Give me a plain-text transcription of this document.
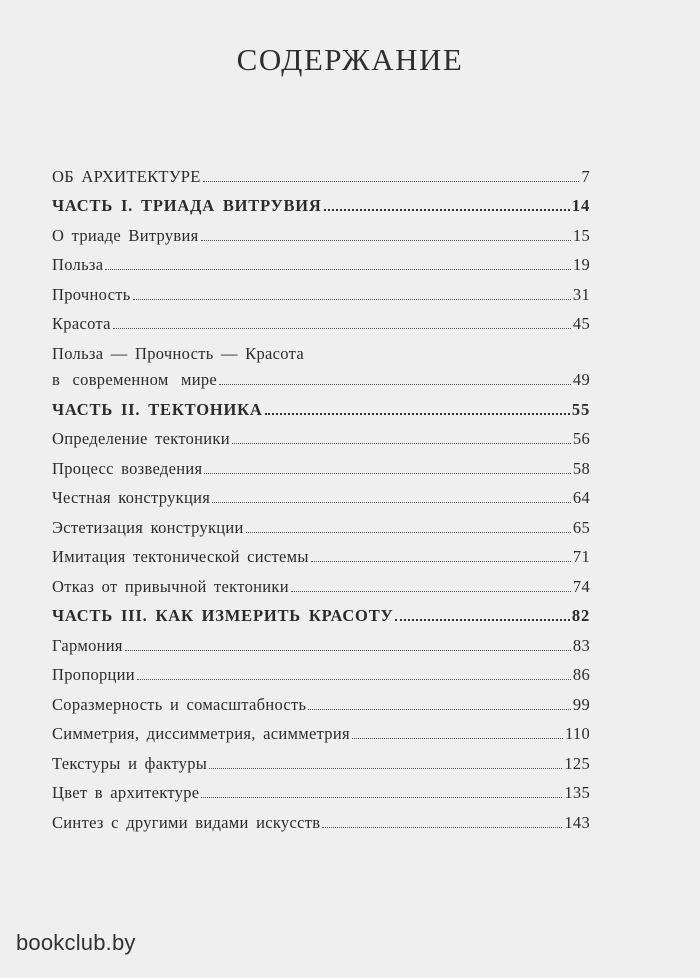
СОДЕРЖАНИЕ
ОБ АРХИТЕКТУРЕ	7
ЧАСТЬ I. ТРИАДА ВИТРУВИЯ	14
О триаде Витрувия	15
Польза	19
Прочность	31
Красота	45
Польза — Прочность — Красота
в современном мире	49
ЧАСТЬ II. ТЕКТОНИКА	55
Определение тектоники	56
Процесс возведения	58
Честная конструкция	64
Эстетизация конструкции	65
Имитация тектонической системы	71
Отказ от привычной тектоники	74
ЧАСТЬ III. КАК ИЗМЕРИТЬ КРАСОТУ	82
Гармония	83
Пропорции	86
Соразмерность и сомасштабность	99
Симметрия, диссимметрия, асимметрия	110
Текстуры и фактуры	125
Цвет в архитектуре	135
Синтез с другими видами искусств	143
bookclub.by
